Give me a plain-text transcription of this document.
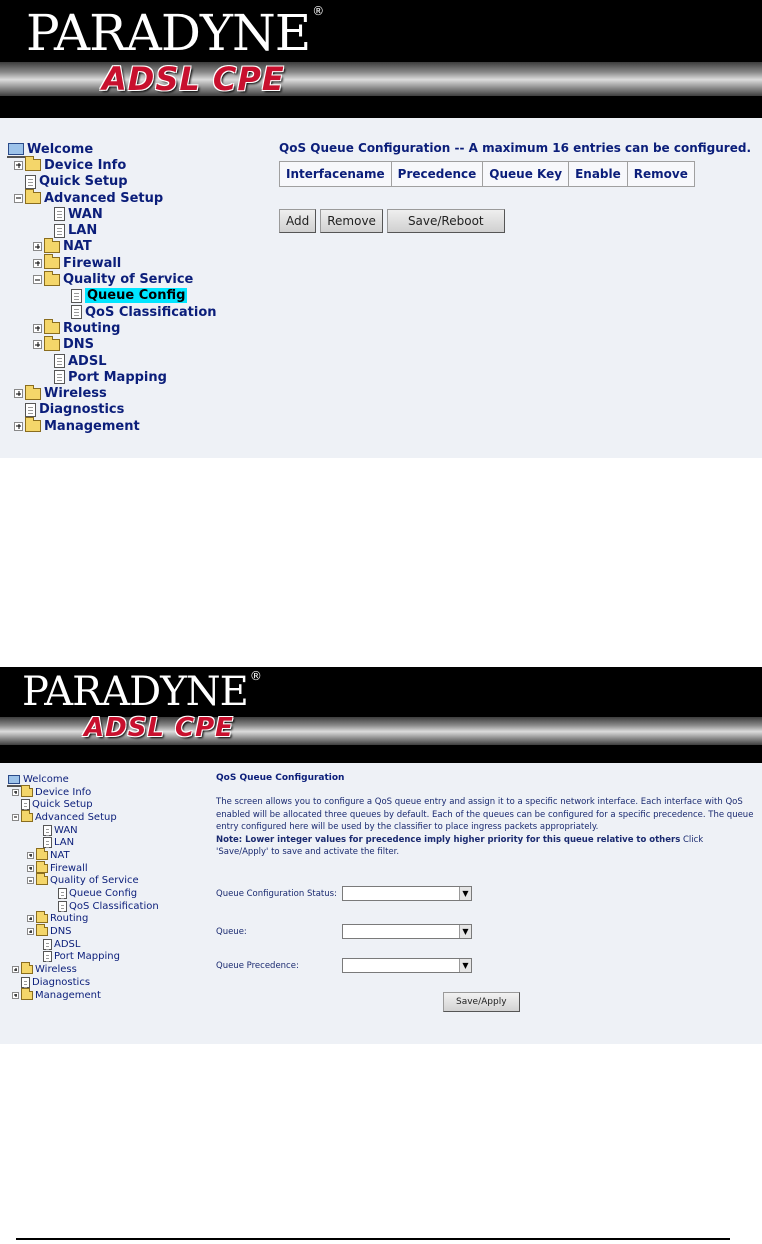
PARADYNE ®
ADSL CPE
Welcome
Device Info
Quick Setup
Advanced Setup
WAN
LAN
NAT
Firewall
Quality of Service
Queue Config
QoS Classification
Routing
DNS
ADSL
Port Mapping
Wireless
Diagnostics
Management
QoS Queue Configuration -- A maximum 16 entries can be configured.
Interfacename	Precedence	Queue Key	Enable	Remove
Add	Remove	Save/Reboot
PARADYNE ®
ADSL CPE
Welcome
Device Info
Quick Setup
Advanced Setup
WAN
LAN
NAT
Firewall
Quality of Service
Queue Config
QoS Classification
Routing
DNS
ADSL
Port Mapping
Wireless
Diagnostics
Management
QoS Queue Configuration
The screen allows you to configure a QoS queue entry and assign it to a specific network interface. Each interface with QoS enabled will be allocated three queues by default. Each of the queues can be configured for a specific precedence. The queue entry configured here will be used by the classifier to place ingress packets appropriately.
Note: Lower integer values for precedence imply higher priority for this queue relative to others Click 'Save/Apply' to save and activate the filter.
Queue Configuration Status:	▼
Queue:	▼
Queue Precedence:	▼
Save/Apply
